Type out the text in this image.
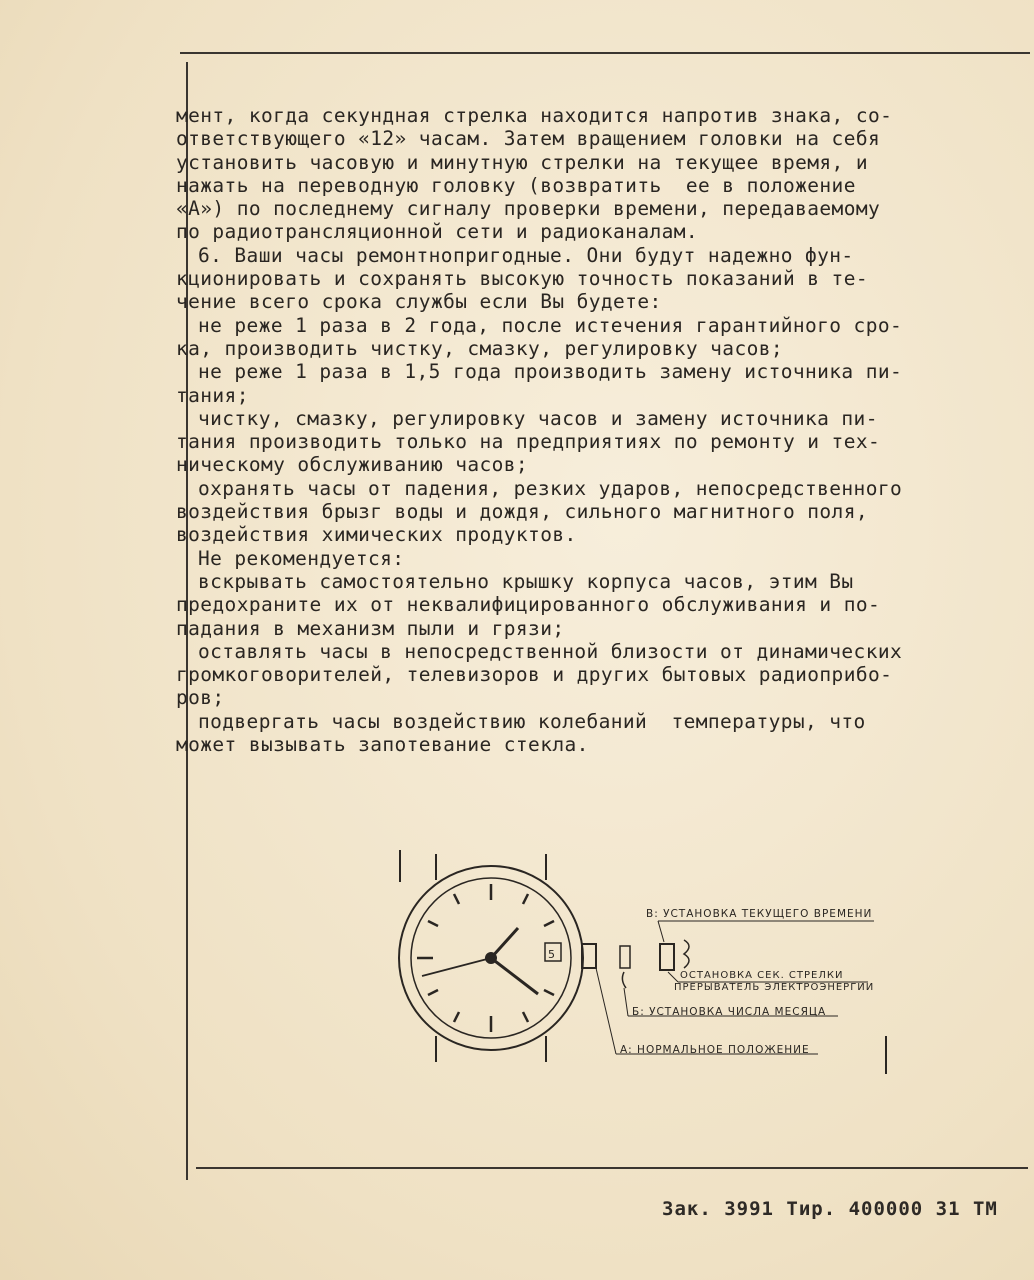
мент, когда секундная стрелка находится напротив знака, со-
ответствующего «12» часам. Затем вращением головки на себя
установить часовую и минутную стрелки на текущее время, и
нажать на переводную головку (возвратить  ее в положение
«А») по последнему сигналу проверки времени, передаваемому
по радиотрансляционной сети и радиоканалам.
6. Ваши часы ремонтнопригодные. Они будут надежно фун-
кционировать и сохранять высокую точность показаний в те-
чение всего срока службы если Вы будете:
не реже 1 раза в 2 года, после истечения гарантийного сро-
ка, производить чистку, смазку, регулировку часов;
не реже 1 раза в 1,5 года производить замену источника пи-
тания;
чистку, смазку, регулировку часов и замену источника пи-
тания производить только на предприятиях по ремонту и тех-
ническому обслуживанию часов;
охранять часы от падения, резких ударов, непосредственного
воздействия брызг воды и дождя, сильного магнитного поля,
воздействия химических продуктов.
Не рекомендуется:
вскрывать самостоятельно крышку корпуса часов, этим Вы
предохраните их от неквалифицированного обслуживания и по-
падания в механизм пыли и грязи;
оставлять часы в непосредственной близости от динамических
громкоговорителей, телевизоров и других бытовых радиоприбо-
ров;
подвергать часы воздействию колебаний  температуры, что
может вызывать запотевание стекла.
5
В: УСТАНОВКА ТЕКУЩЕГО ВРЕМЕНИ
ОСТАНОВКА СЕК. СТРЕЛКИ
ПРЕРЫВАТЕЛЬ ЭЛЕКТРОЭНЕРГИИ
Б: УСТАНОВКА ЧИСЛА МЕСЯЦА
А: НОРМАЛЬНОЕ ПОЛОЖЕНИЕ
Зак. 3991 Тир. 400000 31 ТМ
